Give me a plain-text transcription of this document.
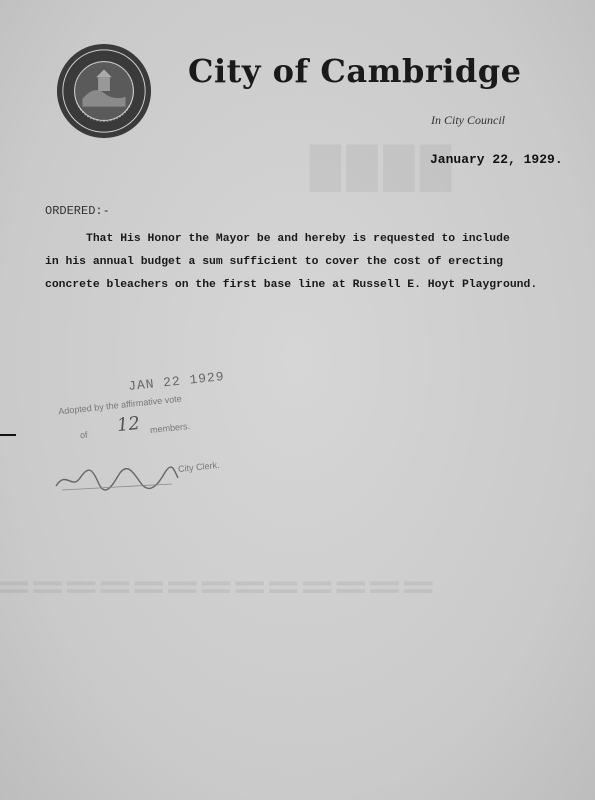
████
═════════════
City of Cambridge
In City Council
January 22, 1929.
ORDERED:-
That His Honor the Mayor be and hereby is requested to include
in his annual budget a sum sufficient to cover the cost of erecting
concrete bleachers on the first base line at Russell E. Hoyt Playground.
JAN 22 1929
Adopted by the affirmative vote
of 12 members.
City Clerk.
